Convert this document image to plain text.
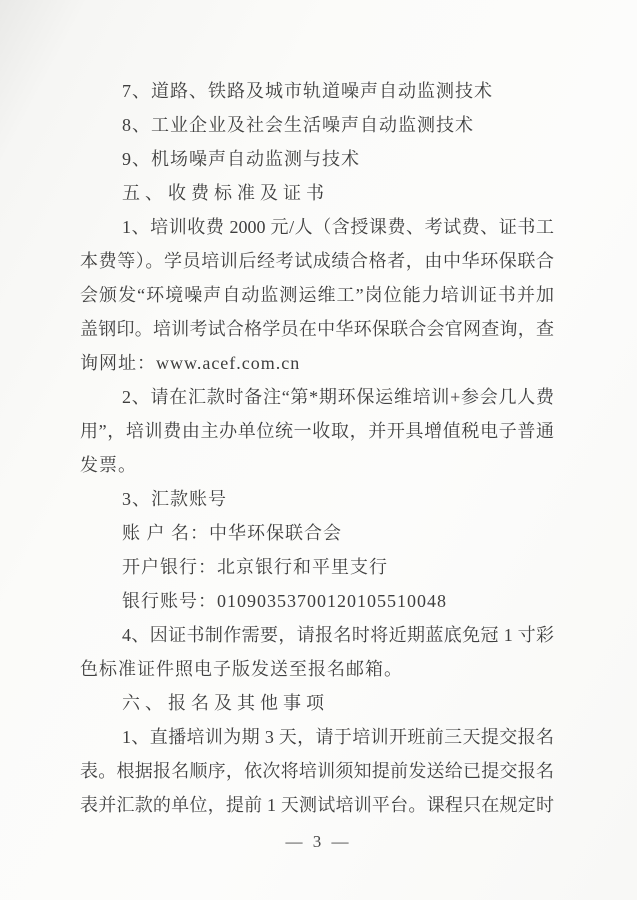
7、道路、铁路及城市轨道噪声自动监测技术
8、工业企业及社会生活噪声自动监测技术
9、机场噪声自动监测与技术
五、收费标准及证书
1、培训收费 2000 元/人（含授课费、考试费、证书工
本费等）。学员培训后经考试成绩合格者，由中华环保联合
会颁发“环境噪声自动监测运维工”岗位能力培训证书并加
盖钢印。培训考试合格学员在中华环保联合会官网查询，查
询网址：www.acef.com.cn
2、请在汇款时备注“第*期环保运维培训+参会几人费
用”，培训费由主办单位统一收取，并开具增值税电子普通
发票。
3、汇款账号
账 户 名：中华环保联合会
开户银行：北京银行和平里支行
银行账号：01090353700120105510048
4、因证书制作需要，请报名时将近期蓝底免冠 1 寸彩
色标准证件照电子版发送至报名邮箱。
六、报名及其他事项
1、直播培训为期 3 天，请于培训开班前三天提交报名
表。根据报名顺序，依次将培训须知提前发送给已提交报名
表并汇款的单位，提前 1 天测试培训平台。课程只在规定时
— 3 —
